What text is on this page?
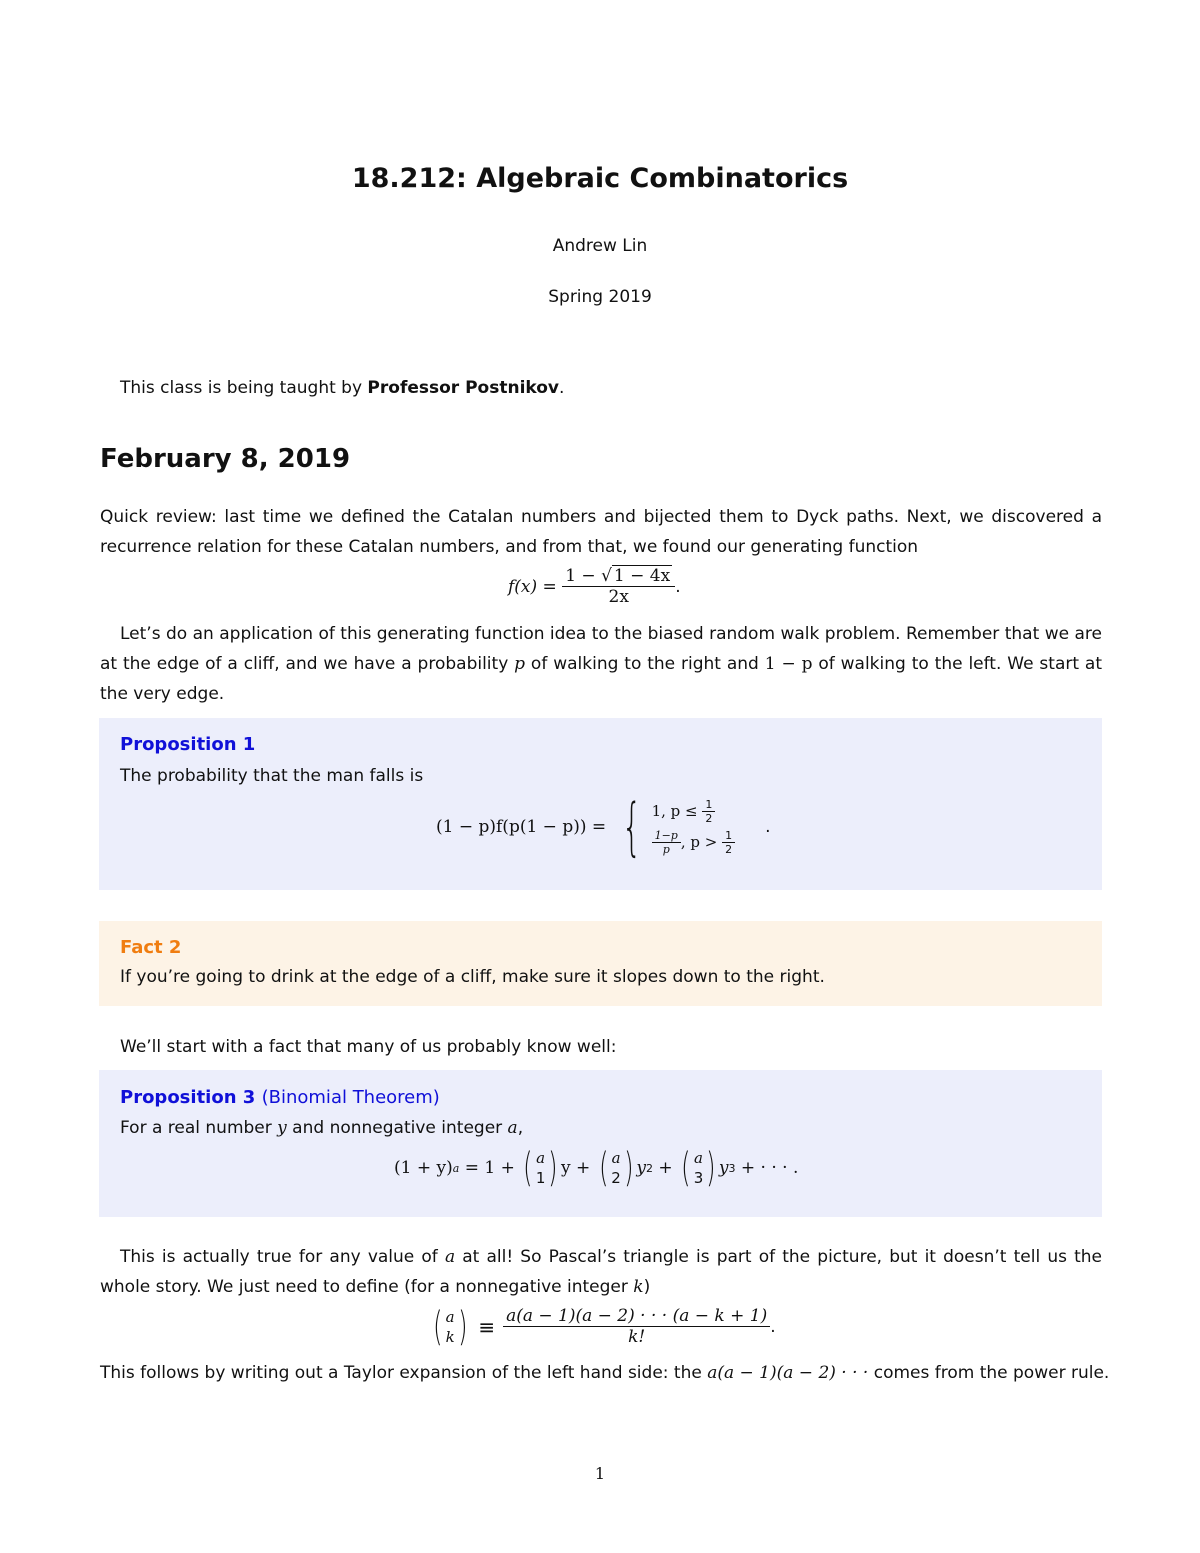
18.212: Algebraic Combinatorics
Andrew Lin
Spring 2019
This class is being taught by Professor Postnikov.
February 8, 2019
Quick review: last time we defined the Catalan numbers and bijected them to Dyck paths. Next, we discovered a recurrence relation for these Catalan numbers, and from that, we found our generating function
$f(x) = \frac{1 - √ 1 - 4x}{2x}$ .
Let’s do an application of this generating function idea to the biased random walk problem. Remember that we are at the edge of a cliff, and we have a probability p of walking to the right and 1 − p of walking to the left. We start at the very edge.
Proposition 1
The probability that the man falls is
(1 − p)f(p(1 − p)) = { 1, $p \le \frac{1}{2}$
$\frac{1-p}{p}$ , $p > \frac{1}{2}$
.
Fact 2
If you’re going to drink at the edge of a cliff, make sure it slopes down to the right.
We’ll start with a fact that many of us probably know well:
Proposition 3 (Binomial Theorem)
For a real number y and nonnegative integer a,
(1 + y) a = 1 + ( a
1 ) y + ( a
2 ) y 2 + ( a
3 ) y 3 + · · · .
This is actually true for any value of a at all! So Pascal’s triangle is part of the picture, but it doesn’t tell us the whole story. We just need to define (for a nonnegative integer k)
( a
k ) ≡ $\frac{a(a - 1)(a - 2) \cdot \cdot \cdot (a - k + 1)}{k!}$ .
This follows by writing out a Taylor expansion of the left hand side: the a(a − 1)(a − 2) · · · comes from the power rule.
1
